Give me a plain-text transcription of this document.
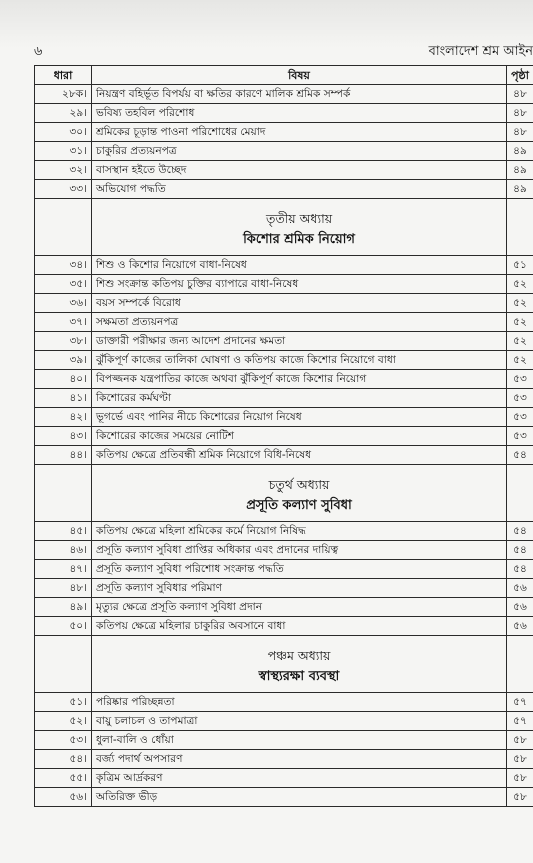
৬	বাংলাদেশ শ্রম আইন
ধারা	বিষয়	পৃষ্ঠা
২৮ক।	নিয়ন্ত্রণ বহির্ভূত বিপর্যয় বা ক্ষতির কারণে মালিক শ্রমিক সম্পর্ক	৪৮
২৯।	ভবিষ্য তহবিল পরিশোধ	৪৮
৩০।	শ্রমিকের চূড়ান্ত পাওনা পরিশোধের মেয়াদ	৪৮
৩১।	চাকুরির প্রত্যয়নপত্র	৪৯
৩২।	বাসস্থান হইতে উচ্ছেদ	৪৯
৩৩।	অভিযোগ পদ্ধতি	৪৯

	তৃতীয় অধ্যায়
কিশোর শ্রমিক নিয়োগ	

৩৪।	শিশু ও কিশোর নিয়োগে বাধা-নিষেধ	৫১
৩৫।	শিশু সংক্রান্ত কতিপয় চুক্তির ব্যাপারে বাধা-নিষেধ	৫২
৩৬।	বয়স সম্পর্কে বিরোধ	৫২
৩৭।	সক্ষমতা প্রত্যয়নপত্র	৫২
৩৮।	ডাক্তারী পরীক্ষার জন্য আদেশ প্রদানের ক্ষমতা	৫২
৩৯।	ঝুঁকিপূর্ণ কাজের তালিকা ঘোষণা ও কতিপয় কাজে কিশোর নিয়োগে বাধা	৫২
৪০।	বিপজ্জনক যন্ত্রপাতির কাজে অথবা ঝুঁকিপূর্ণ কাজে কিশোর নিয়োগ	৫৩
৪১।	কিশোরের কর্মঘণ্টা	৫৩
৪২।	ভূগর্ভে এবং পানির নীচে কিশোরের নিয়োগ নিষেধ	৫৩
৪৩।	কিশোরের কাজের সময়ের নোটিশ	৫৩
৪৪।	কতিপয় ক্ষেত্রে প্রতিবন্ধী শ্রমিক নিয়োগে বিধি-নিষেধ	৫৪

	চতুর্থ অধ্যায়
প্রসূতি কল্যাণ সুবিধা	

৪৫।	কতিপয় ক্ষেত্রে মহিলা শ্রমিকের কর্মে নিয়োগ নিষিদ্ধ	৫৪
৪৬।	প্রসূতি কল্যাণ সুবিধা প্রাপ্তির অধিকার এবং প্রদানের দায়িত্ব	৫৪
৪৭।	প্রসূতি কল্যাণ সুবিধা পরিশোধ সংক্রান্ত পদ্ধতি	৫৪
৪৮।	প্রসূতি কল্যাণ সুবিধার পরিমাণ	৫৬
৪৯।	মৃত্যুর ক্ষেত্রে প্রসূতি কল্যাণ সুবিধা প্রদান	৫৬
৫০।	কতিপয় ক্ষেত্রে মহিলার চাকুরির অবসানে বাধা	৫৬

	পঞ্চম অধ্যায়
স্বাস্থ্যরক্ষা ব্যবস্থা	

৫১।	পরিষ্কার পরিচ্ছন্নতা	৫৭
৫২।	বায়ু চলাচল ও তাপমাত্রা	৫৭
৫৩।	ধুলা-বালি ও ধোঁয়া	৫৮
৫৪।	বর্জ্য পদার্থ অপসারণ	৫৮
৫৫।	কৃত্রিম আর্দ্রকরণ	৫৮
৫৬।	অতিরিক্ত ভীড়	৫৮
